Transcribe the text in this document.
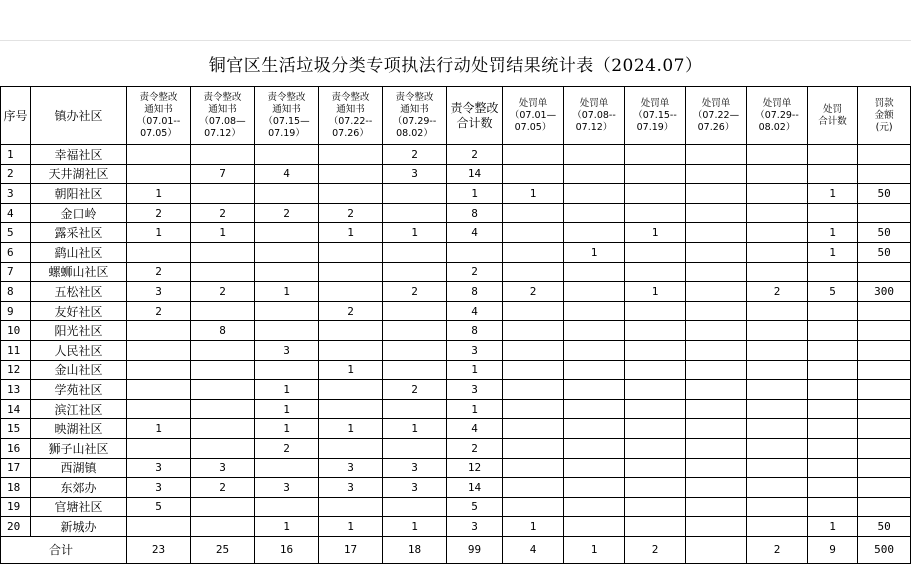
铜官区生活垃圾分类专项执法行动处罚结果统计表（2024.07）														
序号	镇办社区	责令整改
通知书
（07.01--
07.05）	责令整改
通知书
（07.08—
07.12）	责令整改
通知书
（07.15—
07.19）	责令整改
通知书
（07.22--
07.26）	责令整改
通知书
（07.29--
08.02）	责令整改
合计数	处罚单
（07.01—
07.05）	处罚单
（07.08--
07.12）	处罚单
（07.15--
07.19）	处罚单
（07.22—
07.26）	处罚单
（07.29--
08.02）	处罚
合计数	罚款
金额
(元)

1	幸福社区					2	2							
2	天井湖社区		7	4		3	14							
3	朝阳社区	1					1	1					1	50
4	金口岭	2	2	2	2		8							
5	露采社区	1	1		1	1	4			1			1	50
6	鹞山社区								1				1	50
7	螺蛳山社区	2					2							
8	五松社区	3	2	1		2	8	2		1		2	5	300
9	友好社区	2			2		4							
10	阳光社区		8				8							
11	人民社区			3			3							
12	金山社区				1		1							
13	学苑社区			1		2	3							
14	滨江社区			1			1							
15	映湖社区	1		1	1	1	4							
16	狮子山社区			2			2							
17	西湖镇	3	3		3	3	12							
18	东郊办	3	2	3	3	3	14							
19	官塘社区	5					5							
20	新城办			1	1	1	3	1					1	50
合计		23	25	16	17	18	99	4	1	2		2	9	500
